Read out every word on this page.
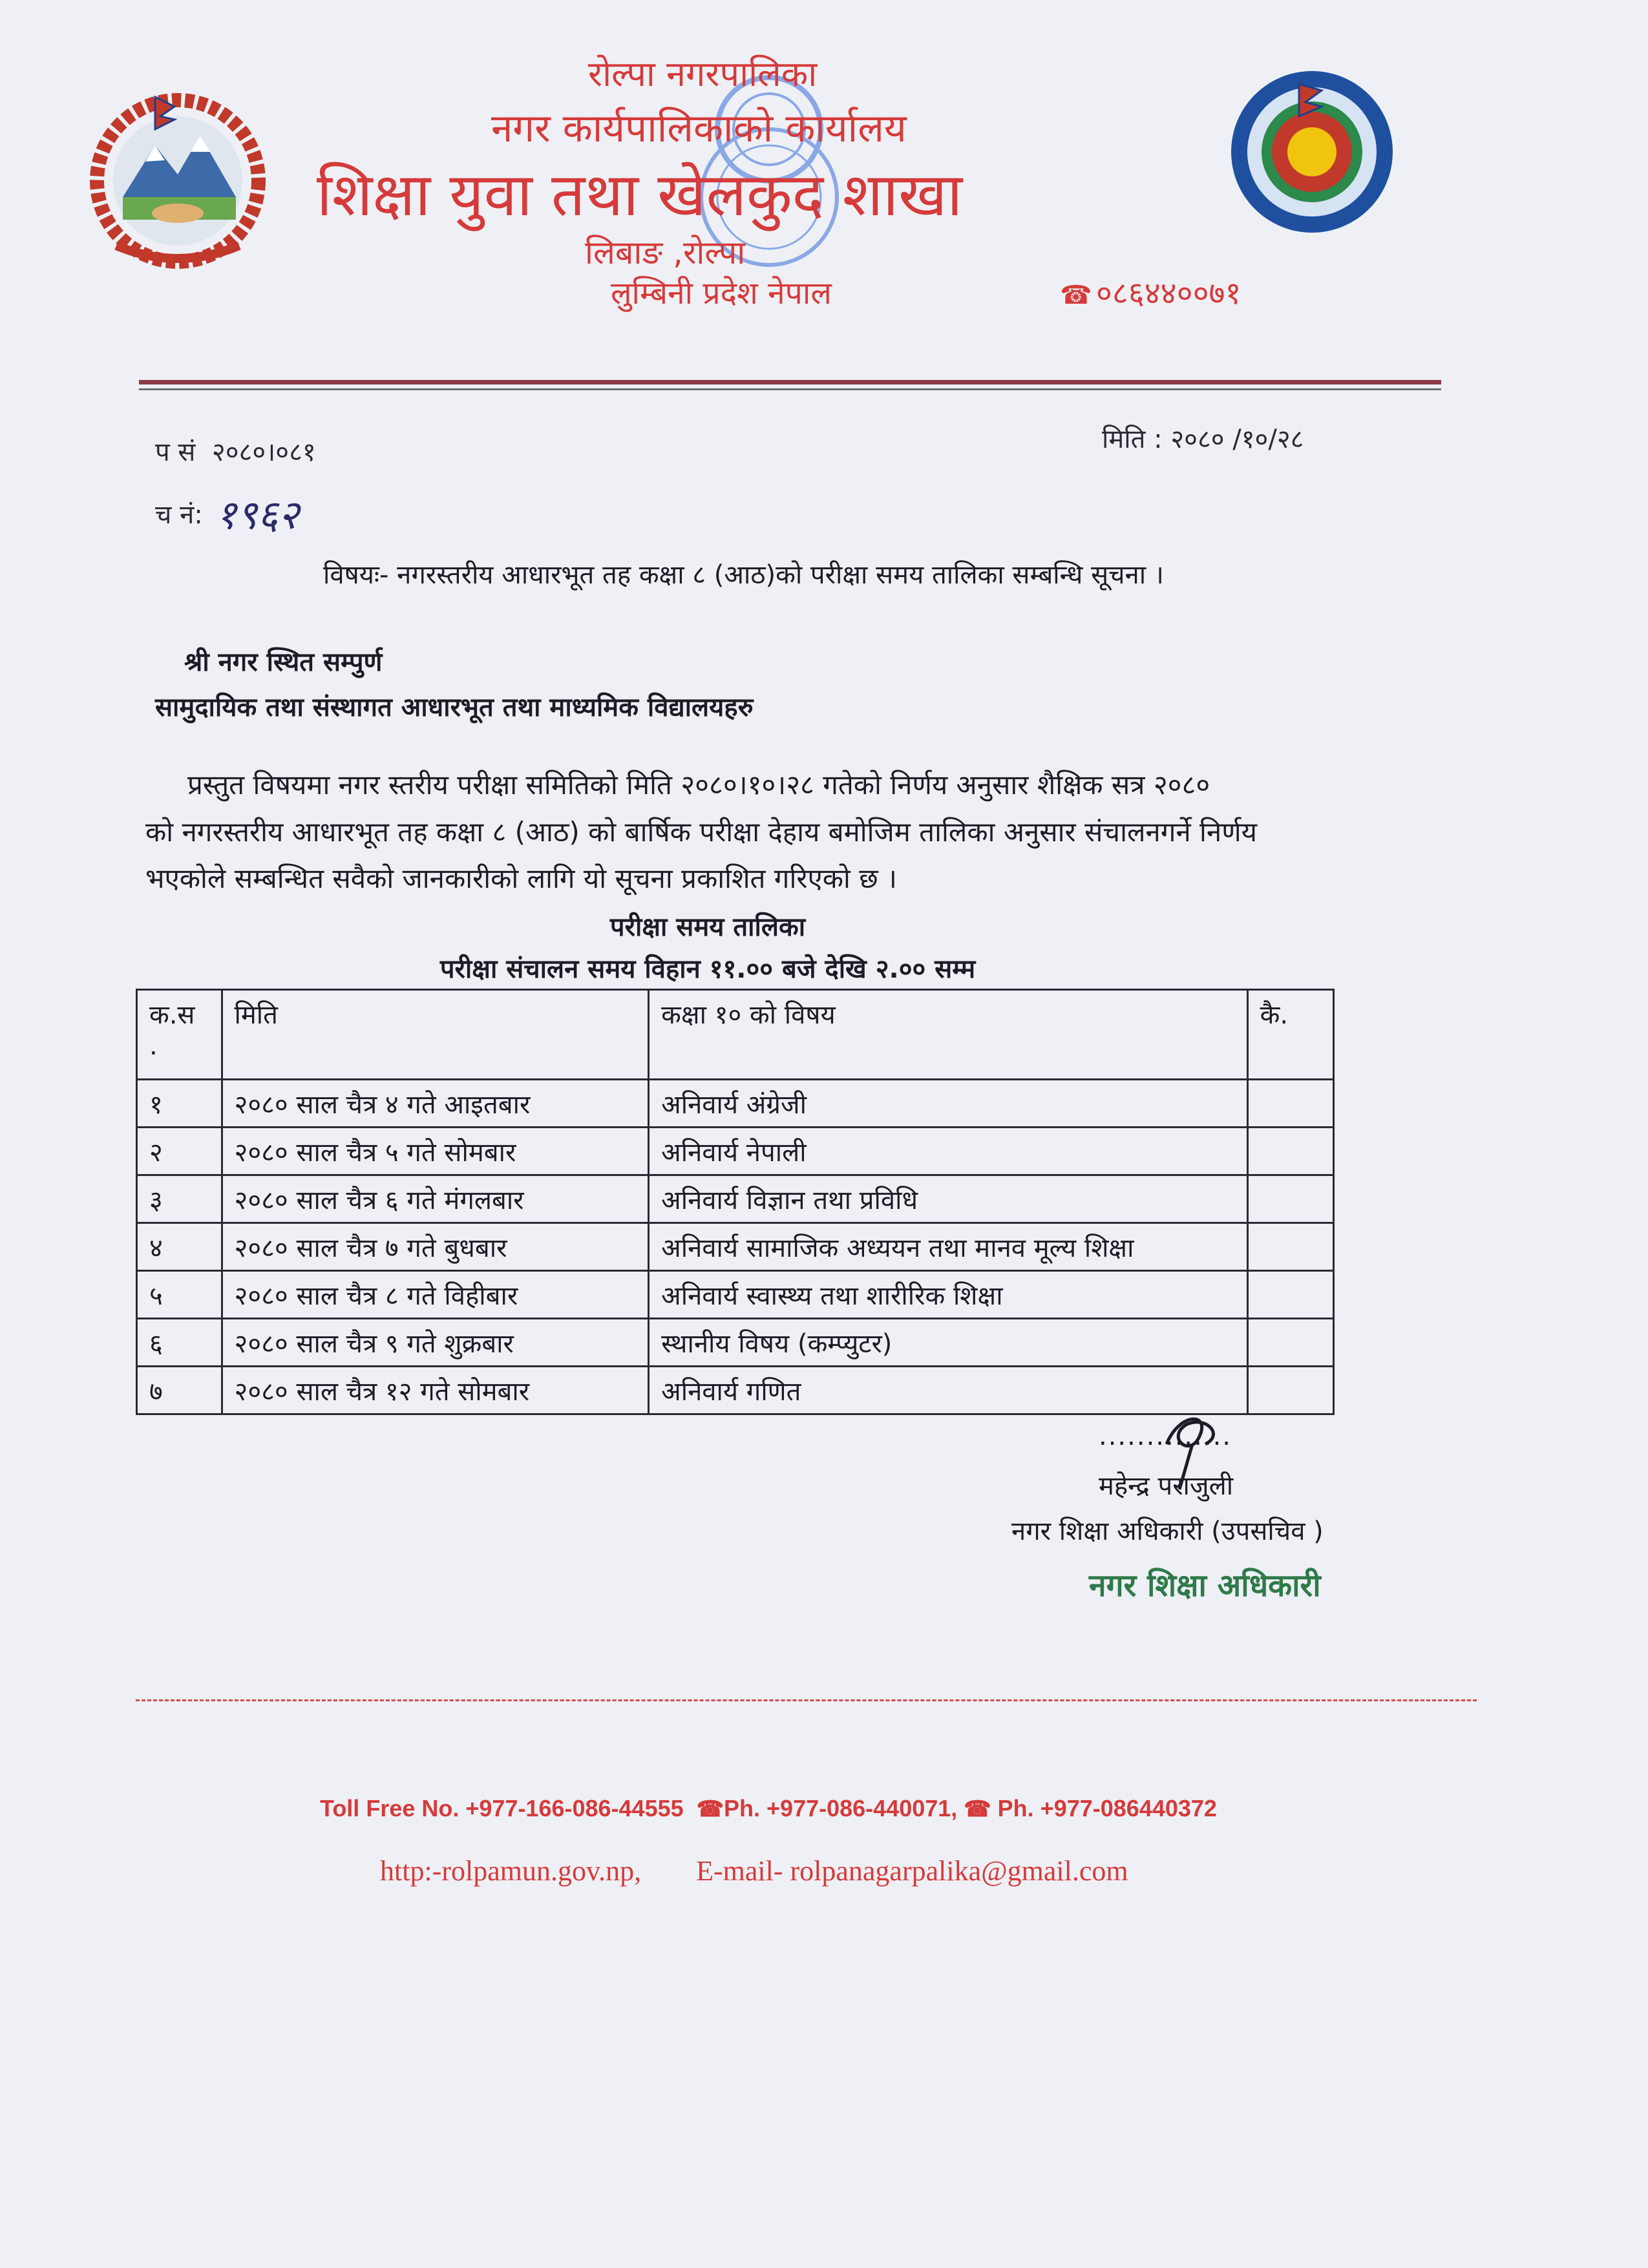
रोल्पा नगरपालिका
नगर कार्यपालिकाको कार्यालय
शिक्षा युवा तथा खेलकुद शाखा
लिबाङ ,रोल्पा
लुम्बिनी प्रदेश नेपाल	☎ ०८६४४००७१
प सं २०८०।०८१
च नं: १९६२
मिति : २०८० /१०/२८
विषयः- नगरस्तरीय आधारभूत तह कक्षा ८ (आठ)को परीक्षा समय तालिका सम्बन्धि सूचना ।
श्री नगर स्थित सम्पुर्ण
सामुदायिक तथा संस्थागत आधारभूत तथा माध्यमिक विद्यालयहरु
प्रस्तुत विषयमा नगर स्तरीय परीक्षा समितिको मिति २०८०।१०।२८ गतेको निर्णय अनुसार शैक्षिक सत्र २०८०
को नगरस्तरीय आधारभूत तह कक्षा ८ (आठ) को बार्षिक परीक्षा देहाय बमोजिम तालिका अनुसार संचालनगर्ने निर्णय
भएकोले सम्बन्धित सवैको जानकारीको लागि यो सूचना प्रकाशित गरिएको छ ।
परीक्षा समय तालिका
परीक्षा संचालन समय विहान ११.०० बजे देखि २.०० सम्म
क.स
.	मिति	कक्षा १० को विषय	कै.
१	२०८० साल चैत्र ४ गते आइतबार	अनिवार्य अंग्रेजी	
२	२०८० साल चैत्र ५ गते सोमबार	अनिवार्य नेपाली	
३	२०८० साल चैत्र ६ गते मंगलबार	अनिवार्य विज्ञान तथा प्रविधि	
४	२०८० साल चैत्र ७ गते बुधबार	अनिवार्य सामाजिक अध्ययन तथा मानव मूल्य शिक्षा	
५	२०८० साल चैत्र ८ गते विहीबार	अनिवार्य स्वास्थ्य तथा शारीरिक शिक्षा	
६	२०८० साल चैत्र ९ गते शुक्रबार	स्थानीय विषय (कम्प्युटर)	
७	२०८० साल चैत्र १२ गते सोमबार	अनिवार्य गणित	
..............
महेन्द्र पराजुली
नगर शिक्षा अधिकारी (उपसचिव )
नगर शिक्षा अधिकारी
Toll Free No. +977-166-086-44555 ☎Ph. +977-086-440071, ☎ Ph. +977-086440372
http:-rolpamun.gov.np, E-mail- rolpanagarpalika@gmail.com
